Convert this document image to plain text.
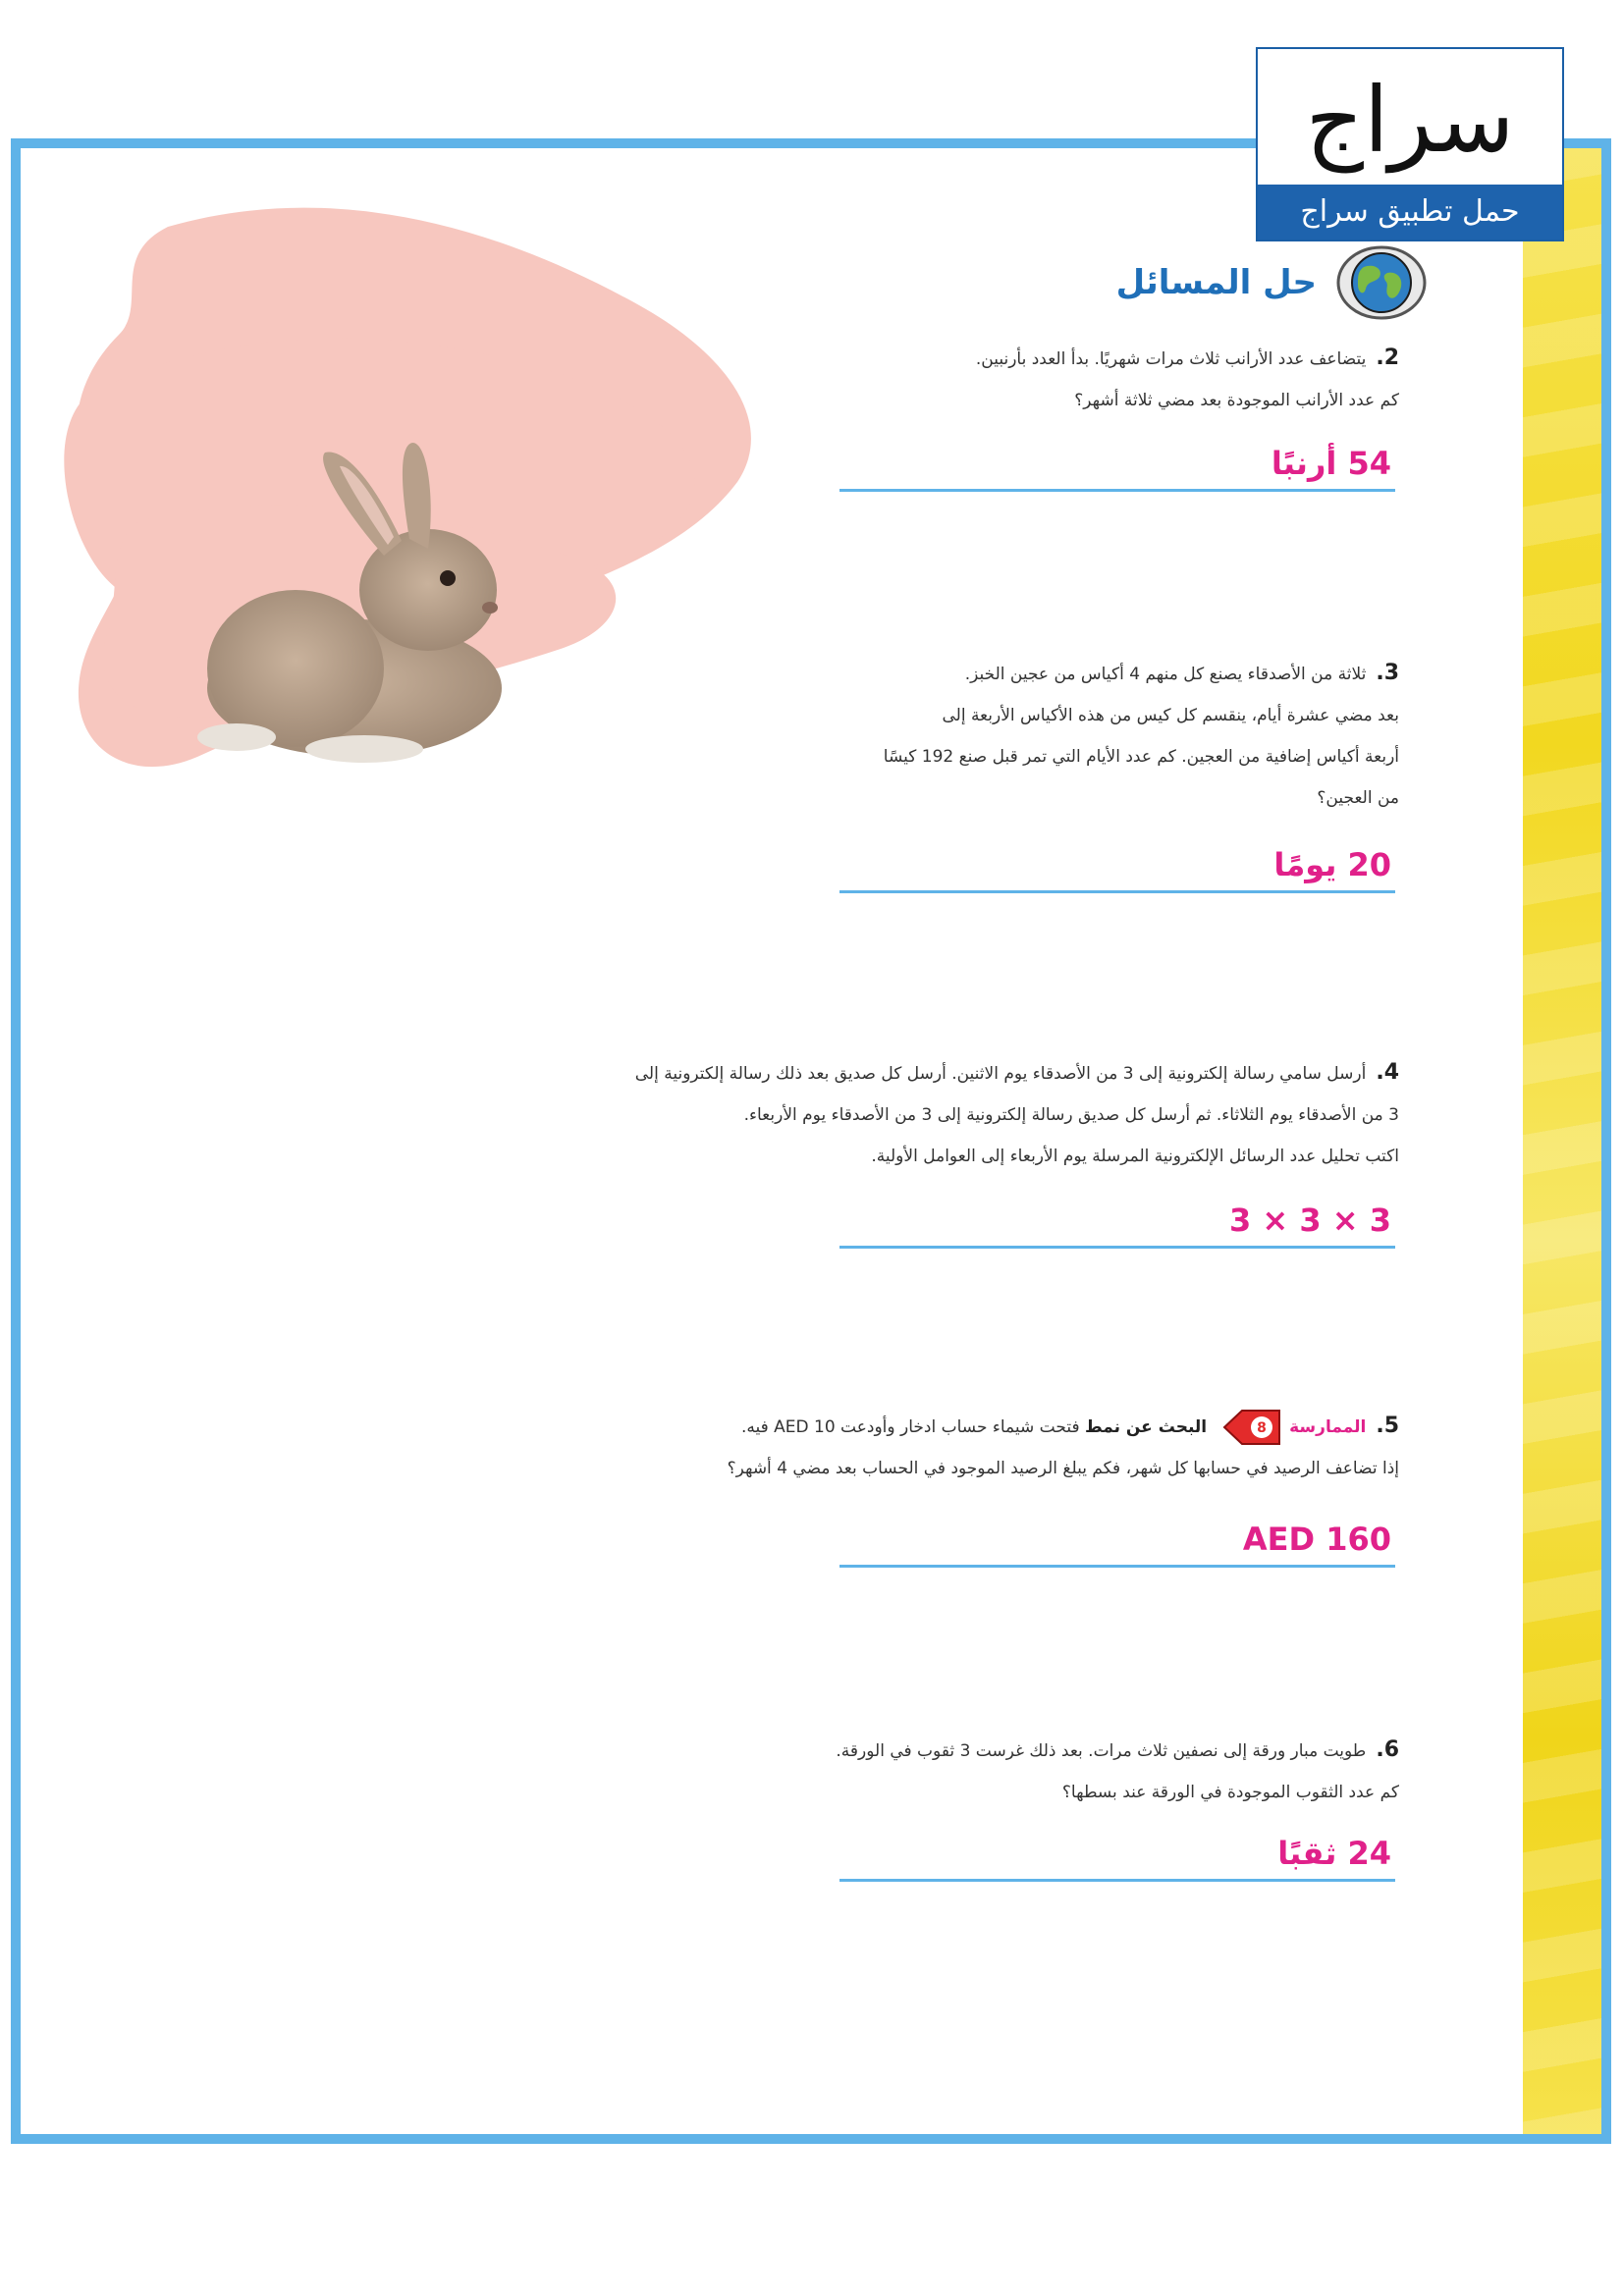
سراج
حمل تطبيق سراج
حل المسائل
2.يتضاعف عدد الأرانب ثلاث مرات شهريًا. بدأ العدد بأرنبين.
كم عدد الأرانب الموجودة بعد مضي ثلاثة أشهر؟
54 أرنبًا
3.ثلاثة من الأصدقاء يصنع كل منهم 4 أكياس من عجين الخبز.
بعد مضي عشرة أيام، ينقسم كل كيس من هذه الأكياس الأربعة إلى
أربعة أكياس إضافية من العجين. كم عدد الأيام التي تمر قبل صنع 192 كيسًا
من العجين؟
20 يومًا
4.أرسل سامي رسالة إلكترونية إلى 3 من الأصدقاء يوم الاثنين. أرسل كل صديق بعد ذلك رسالة إلكترونية إلى
3 من الأصدقاء يوم الثلاثاء. ثم أرسل كل صديق رسالة إلكترونية إلى 3 من الأصدقاء يوم الأربعاء.
اكتب تحليل عدد الرسائل الإلكترونية المرسلة يوم الأربعاء إلى العوامل الأولية.
3 × 3 × 3
5.الممارسة
8
البحث عن نمط فتحت شيماء حساب ادخار وأودعت AED 10 فيه.
إذا تضاعف الرصيد في حسابها كل شهر، فكم يبلغ الرصيد الموجود في الحساب بعد مضي 4 أشهر؟
AED 160
6.طويت مبار ورقة إلى نصفين ثلاث مرات. بعد ذلك غرست 3 ثقوب في الورقة.
كم عدد الثقوب الموجودة في الورقة عند بسطها؟
24 ثقبًا
